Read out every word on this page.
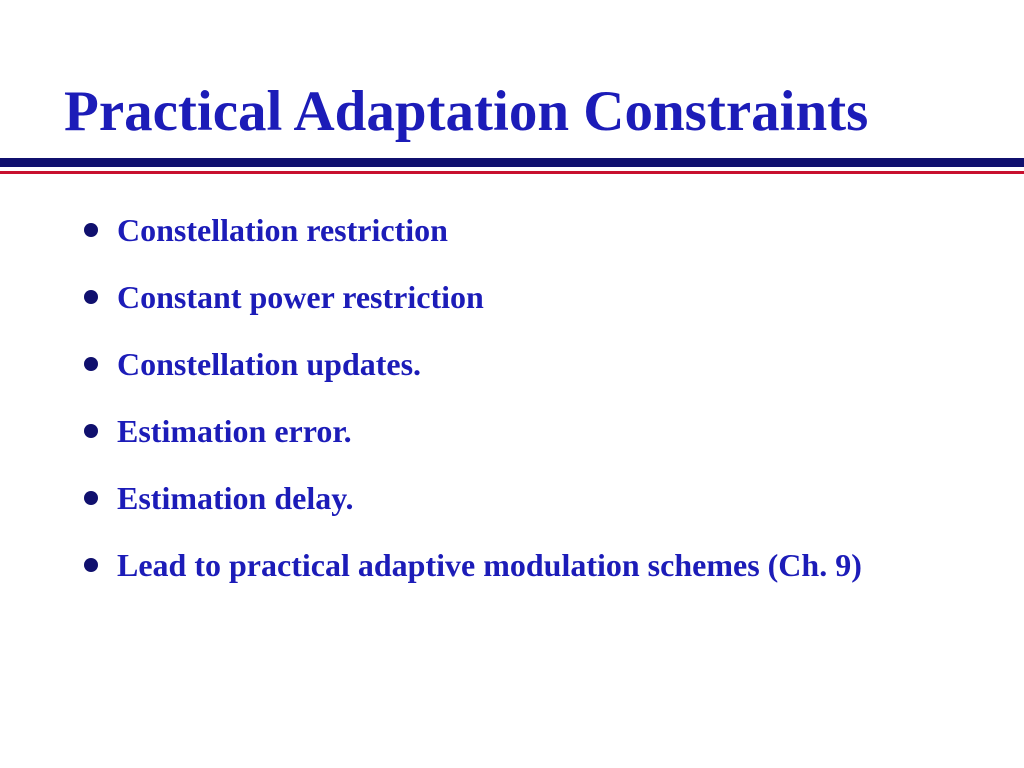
Practical Adaptation Constraints
Constellation restriction
Constant power restriction
Constellation updates.
Estimation error.
Estimation delay.
Lead to practical adaptive modulation schemes (Ch. 9)
